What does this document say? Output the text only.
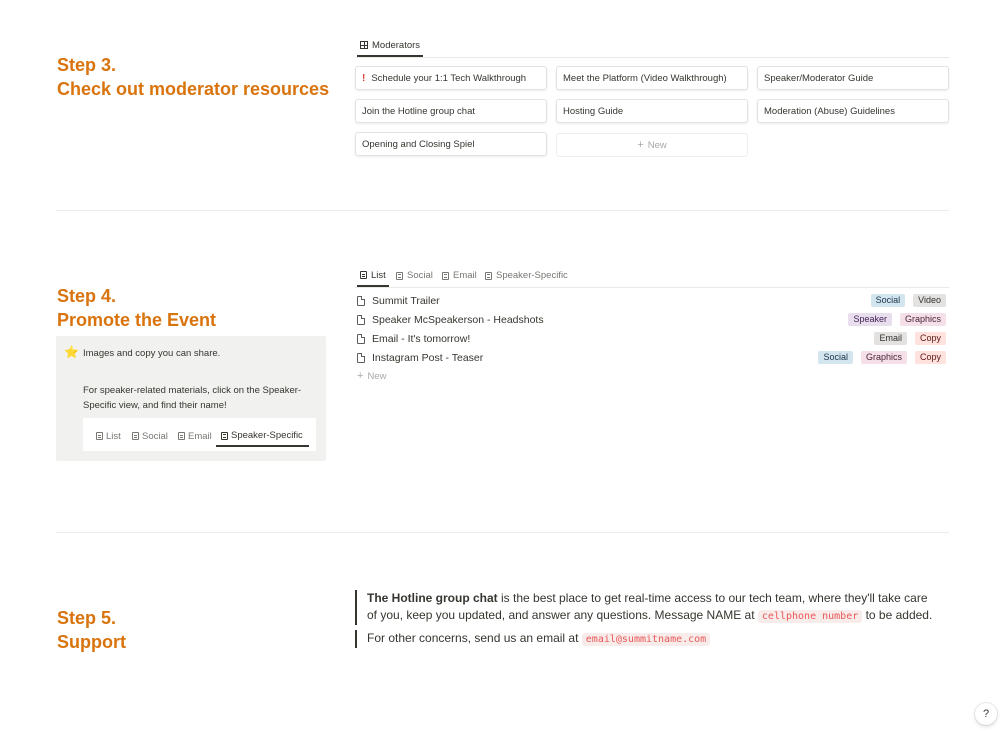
Step 3.
Check out moderator resources
Moderators
! Schedule your 1:1 Tech Walkthrough	Meet the Platform (Video Walkthrough)	Speaker/Moderator Guide
Join the Hotline group chat	Hosting Guide	Moderation (Abuse) Guidelines
Opening and Closing Spiel	+ New
Step 4.
Promote the Event
List Social Email Speaker-Specific
⭐ Images and copy you can share.
For speaker-related materials, click on the Speaker-Specific view, and find their name!
List Social Email Speaker-Specific
Summit Trailer	Social	Video
Speaker McSpeakerson - Headshots	Speaker	Graphics
Email - It's tomorrow!	Email	Copy
Instagram Post - Teaser	Social	Graphics	Copy
+ New
Step 5.
Support
The Hotline group chat is the best place to get real-time access to our tech team, where they'll take care of you, keep you updated, and answer any questions. Message NAME at cellphone number to be added.
For other concerns, send us an email at email@summitname.com
?
